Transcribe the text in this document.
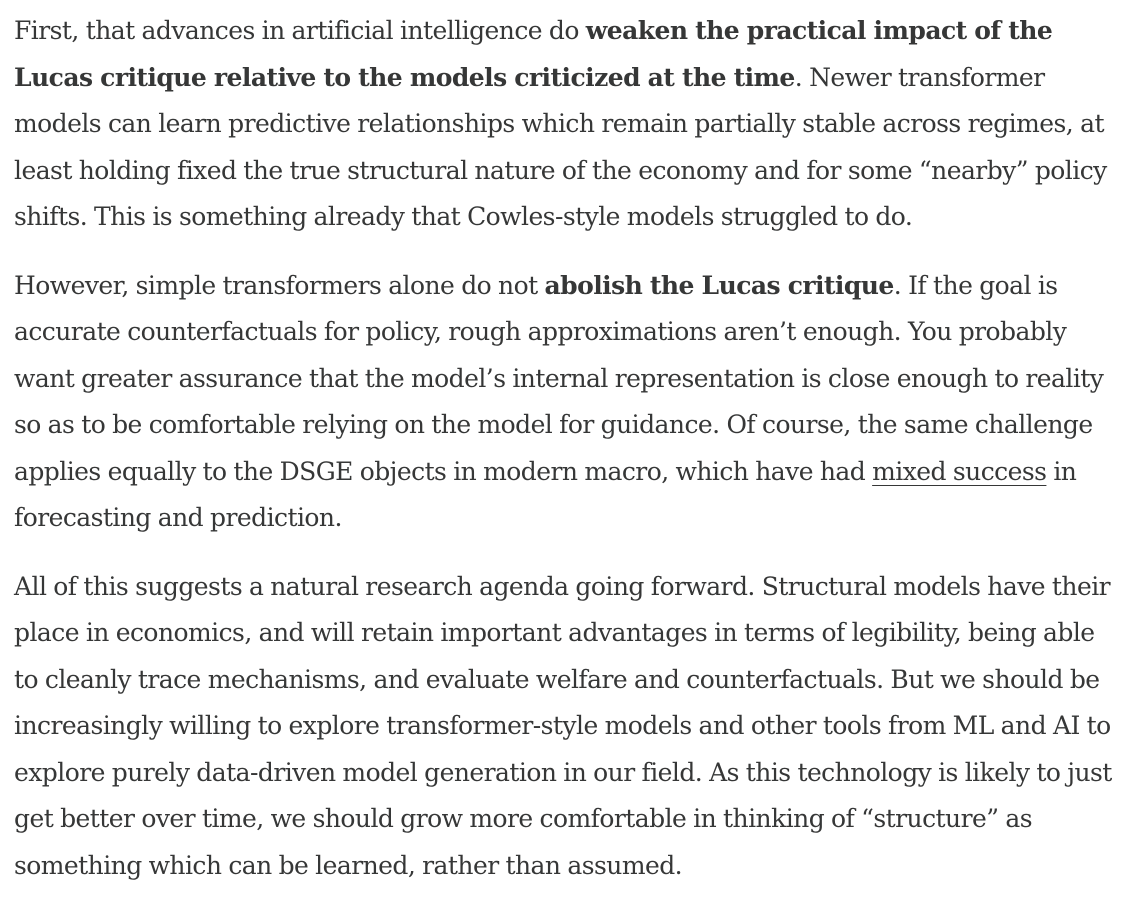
First, that advances in artificial intelligence do weaken the practical impact of the Lucas critique relative to the models criticized at the time. Newer transformer models can learn predictive relationships which remain partially stable across regimes, at least holding fixed the true structural nature of the economy and for some “nearby” policy shifts. This is something already that Cowles-style models struggled to do.

However, simple transformers alone do not abolish the Lucas critique. If the goal is accurate counterfactuals for policy, rough approximations aren’t enough. You probably want greater assurance that the model’s internal representation is close enough to reality so as to be comfortable relying on the model for guidance. Of course, the same challenge applies equally to the DSGE objects in modern macro, which have had mixed success in forecasting and prediction.

All of this suggests a natural research agenda going forward. Structural models have their place in economics, and will retain important advantages in terms of legibility, being able to cleanly trace mechanisms, and evaluate welfare and counterfactuals. But we should be increasingly willing to explore transformer-style models and other tools from ML and AI to explore purely data-driven model generation in our field. As this technology is likely to just get better over time, we should grow more comfortable in thinking of “structure” as something which can be learned, rather than assumed.
